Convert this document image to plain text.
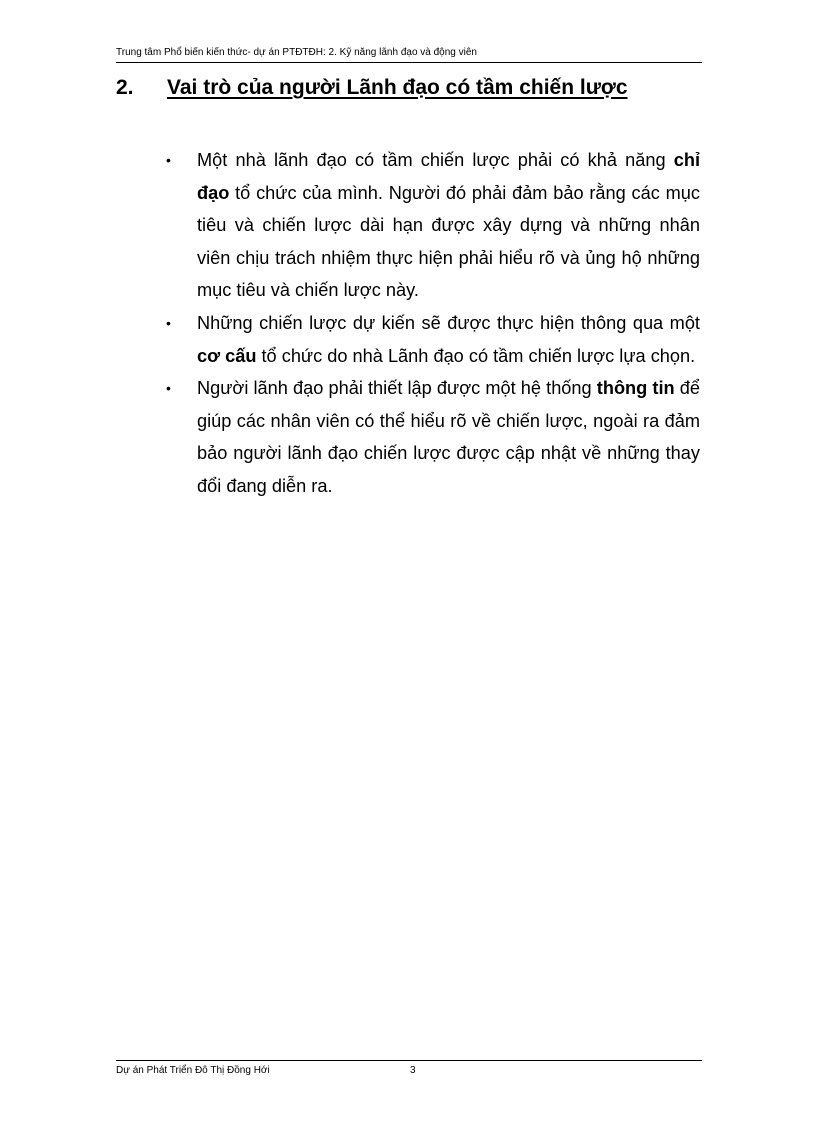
Trung tâm Phổ biến kiến thức- dự án PTĐTĐH: 2. Kỹ năng lãnh đạo và động viên
2. Vai trò của người Lãnh đạo có tầm chiến lược
• Một nhà lãnh đạo có tầm chiến lược phải có khả năng chỉ đạo tổ chức của mình. Người đó phải đảm bảo rằng các mục tiêu và chiến lược dài hạn được xây dựng và những nhân viên chịu trách nhiệm thực hiện phải hiểu rõ và ủng hộ những mục tiêu và chiến lược này.
• Những chiến lược dự kiến sẽ được thực hiện thông qua một cơ cấu tổ chức do nhà Lãnh đạo có tầm chiến lược lựa chọn.
• Người lãnh đạo phải thiết lập được một hệ thống thông tin để giúp các nhân viên có thể hiểu rõ về chiến lược, ngoài ra đảm bảo người lãnh đạo chiến lược được cập nhật về những thay đổi đang diễn ra.
Dự án Phát Triển Đô Thị Đồng Hới	3
